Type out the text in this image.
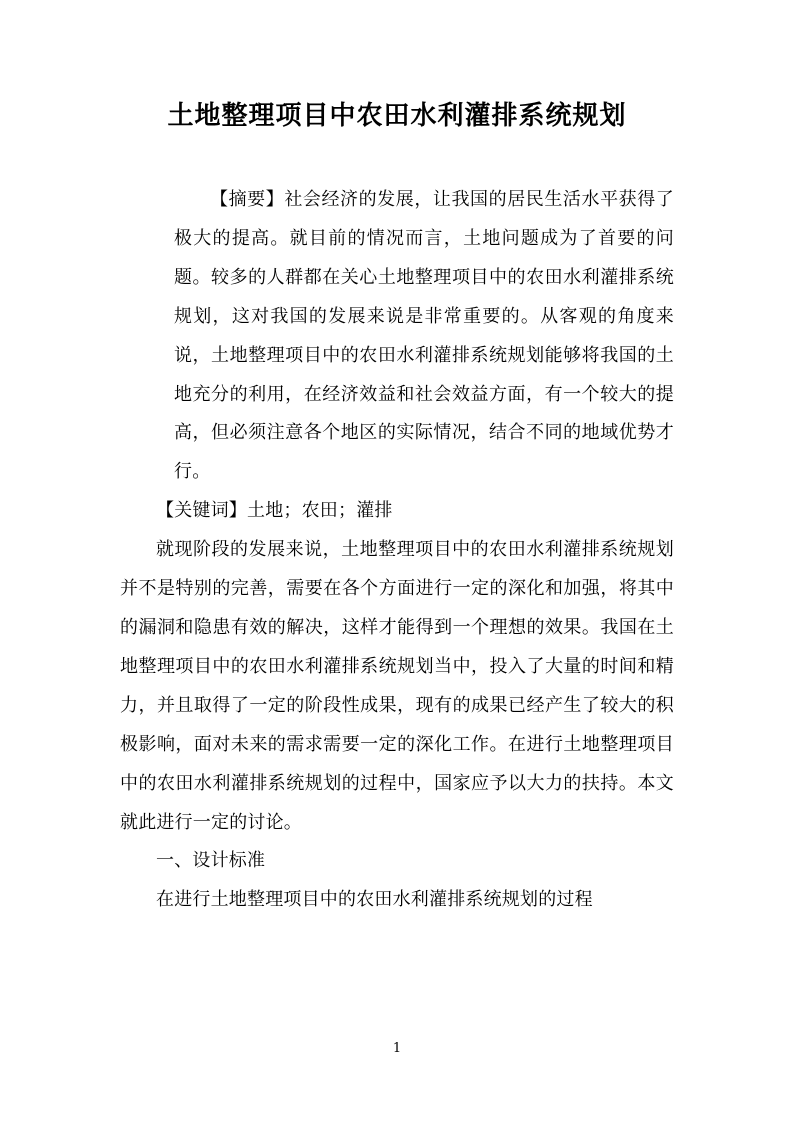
土地整理项目中农田水利灌排系统规划

【摘要】社会经济的发展，让我国的居民生活水平获得了极大的提高。就目前的情况而言，土地问题成为了首要的问题。较多的人群都在关心土地整理项目中的农田水利灌排系统规划，这对我国的发展来说是非常重要的。从客观的角度来说，土地整理项目中的农田水利灌排系统规划能够将我国的土地充分的利用，在经济效益和社会效益方面，有一个较大的提高，但必须注意各个地区的实际情况，结合不同的地域优势才行。

【关键词】土地；农田；灌排

就现阶段的发展来说，土地整理项目中的农田水利灌排系统规划并不是特别的完善，需要在各个方面进行一定的深化和加强，将其中的漏洞和隐患有效的解决，这样才能得到一个理想的效果。我国在土地整理项目中的农田水利灌排系统规划当中，投入了大量的时间和精力，并且取得了一定的阶段性成果，现有的成果已经产生了较大的积极影响，面对未来的需求需要一定的深化工作。在进行土地整理项目中的农田水利灌排系统规划的过程中，国家应予以大力的扶持。本文就此进行一定的讨论。

一、设计标准

在进行土地整理项目中的农田水利灌排系统规划的过程

1
